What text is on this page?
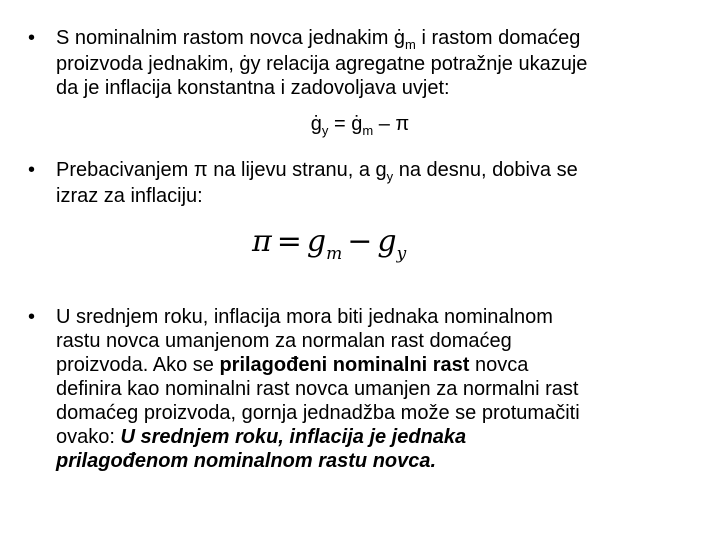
• S nominalnim rastom novca jednakim $ġ_m$ i rastom domaćeg
proizvoda jednakim, ġy relacija agregatne potražnje ukazuje
da je inflacija konstantna i zadovoljava uvjet:
$ġ_y$ = $ġ_m$ – π
• Prebacivanjem π na lijevu stranu, a $g_y$ na desnu, dobiva se
izraz za inflaciju:
$\pi = g_m - g_y$
• U srednjem roku, inflacija mora biti jednaka nominalnom
rastu novca umanjenom za normalan rast domaćeg
proizvoda. Ako se prilagođeni nominalni rast novca
definira kao nominalni rast novca umanjen za normalni rast
domaćeg proizvoda, gornja jednadžba može se protumačiti
ovako: U srednjem roku, inflacija je jednaka
prilagođenom nominalnom rastu novca.
